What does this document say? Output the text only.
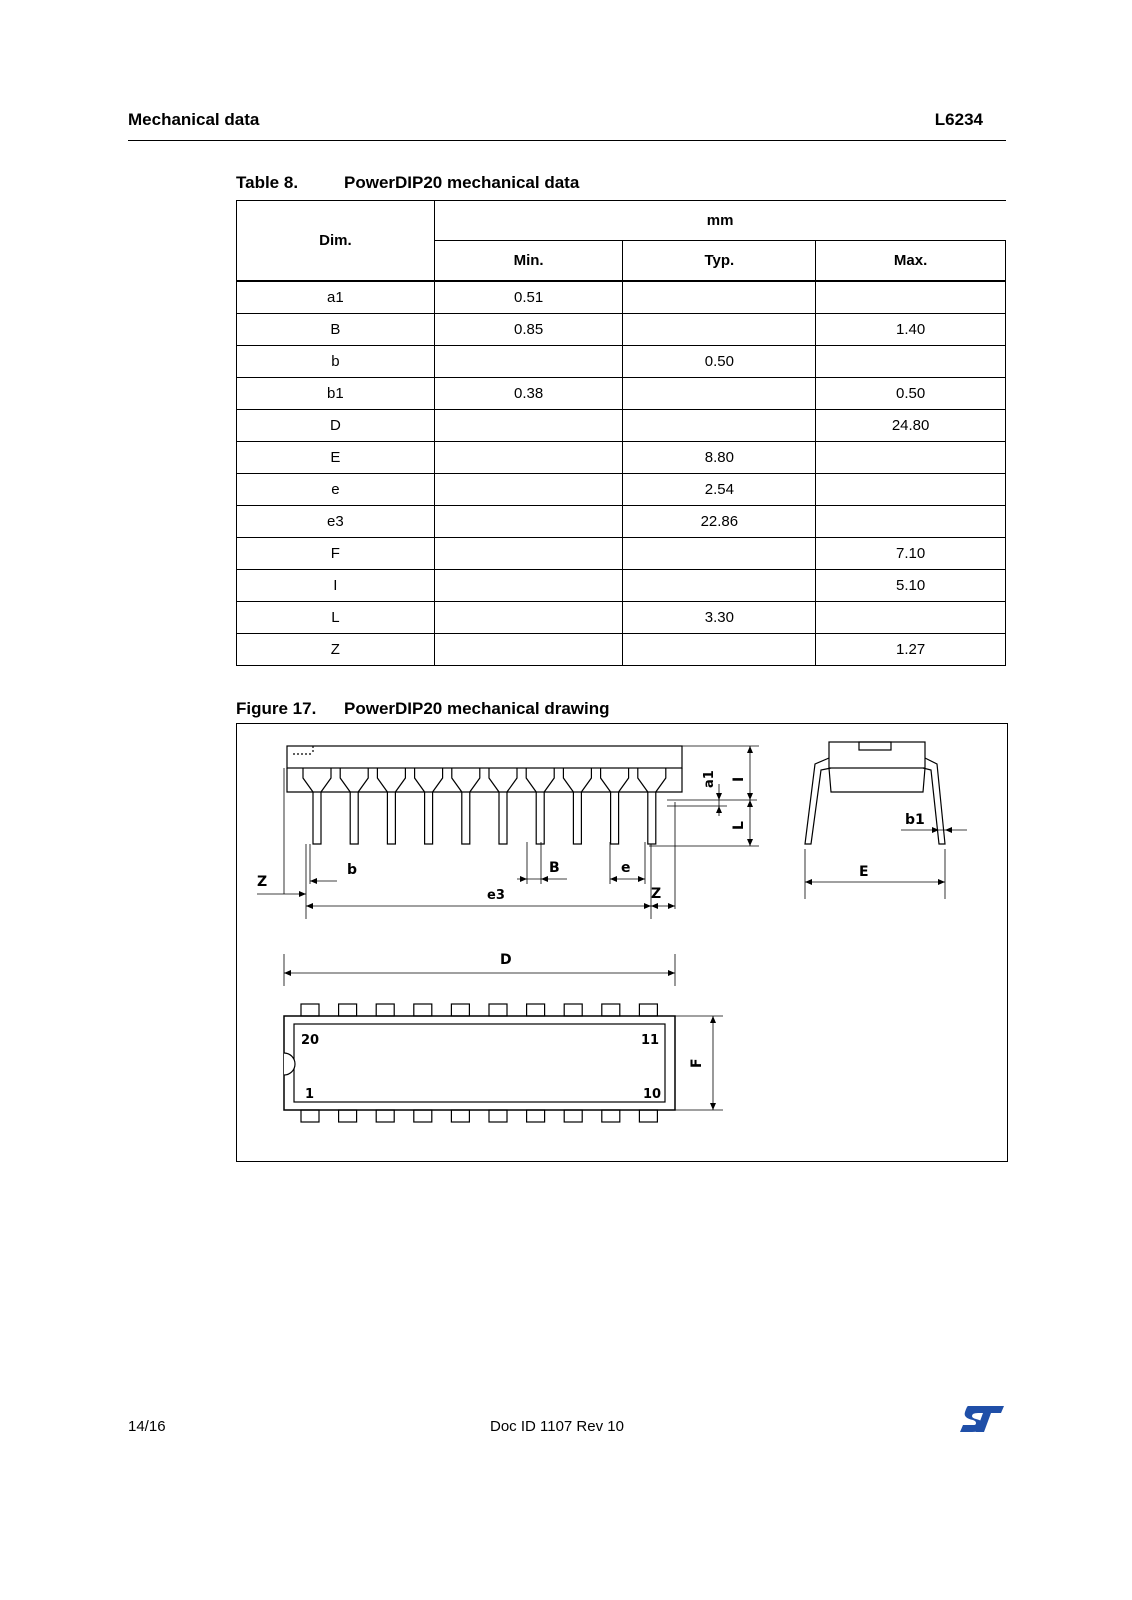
Mechanical data	L6234
Table 8.	PowerDIP20 mechanical data
Dim.	mm		
	Min.	Typ.	Max.
a1	0.51		
B	0.85		1.40
b		0.50	
b1	0.38		0.50
D			24.80
E		8.80	
e		2.54	
e3		22.86	
F			7.10
I			5.10
L		3.30	
Z			1.27
Figure 17. PowerDIP20 mechanical drawing
I
a1
L	b1
E
Z
b	B	e
e3	Z
D
F
20	11
1	10
14/16	Doc ID 1107 Rev 10
